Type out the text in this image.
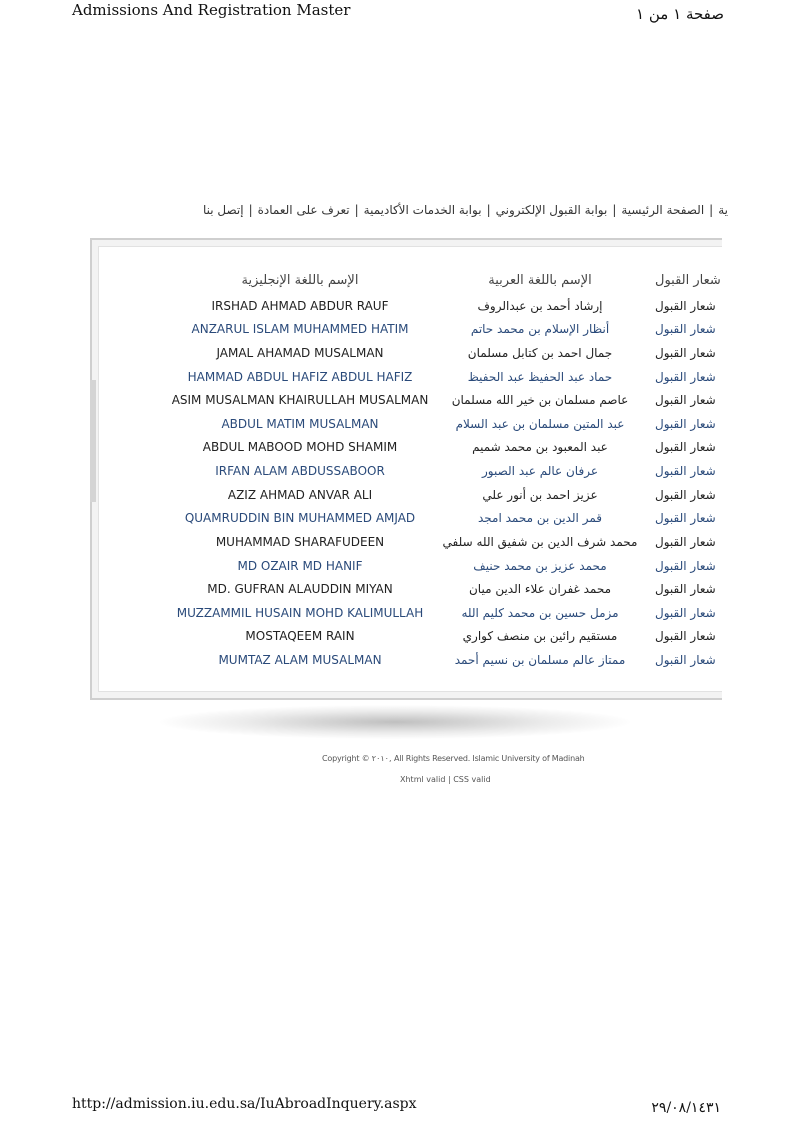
Admissions And Registration Master	صفحة ١ من ١
ية|الصفحة الرئيسية|بوابة القبول الإلكتروني|بوابة الخدمات الأكاديمية|تعرف على العمادة|إتصل بنا
الإسم باللغة الإنجليزية	الإسم باللغة العربية	شعار القبول
IRSHAD AHMAD ABDUR RAUF	إرشاد أحمد بن عبدالروف	شعار القبول
ANZARUL ISLAM MUHAMMED HATIM	أنظار الإسلام بن محمد حاتم	شعار القبول
JAMAL AHAMAD MUSALMAN	جمال احمد بن كتابل مسلمان	شعار القبول
HAMMAD ABDUL HAFIZ ABDUL HAFIZ	حماد عبد الحفيظ عبد الحفيظ	شعار القبول
ASIM MUSALMAN KHAIRULLAH MUSALMAN	عاصم مسلمان بن خير الله مسلمان	شعار القبول
ABDUL MATIM MUSALMAN	عبد المتين مسلمان بن عبد السلام	شعار القبول
ABDUL MABOOD MOHD SHAMIM	عبد المعبود بن محمد شميم	شعار القبول
IRFAN ALAM ABDUSSABOOR	عرفان عالم عبد الصبور	شعار القبول
AZIZ AHMAD ANVAR ALI	عزيز احمد بن أنور علي	شعار القبول
QUAMRUDDIN BIN MUHAMMED AMJAD	قمر الدين بن محمد امجد	شعار القبول
MUHAMMAD SHARAFUDEEN	محمد شرف الدين بن شفيق الله سلفي	شعار القبول
MD OZAIR MD HANIF	محمد عزيز بن محمد حنيف	شعار القبول
MD. GUFRAN ALAUDDIN MIYAN	محمد غفران علاء الدين ميان	شعار القبول
MUZZAMMIL HUSAIN MOHD KALIMULLAH	مزمل حسين بن محمد كليم الله	شعار القبول
MOSTAQEEM RAIN	مستقيم رائين بن منصف كواري	شعار القبول
MUMTAZ ALAM MUSALMAN	ممتاز عالم مسلمان بن نسيم أحمد	شعار القبول
Copyright © ٢٠١٠, All Rights Reserved. Islamic University of Madinah
Xhtml valid | CSS valid
http://admission.iu.edu.sa/IuAbroadInquery.aspx	٢٩/٠٨/١٤٣١
